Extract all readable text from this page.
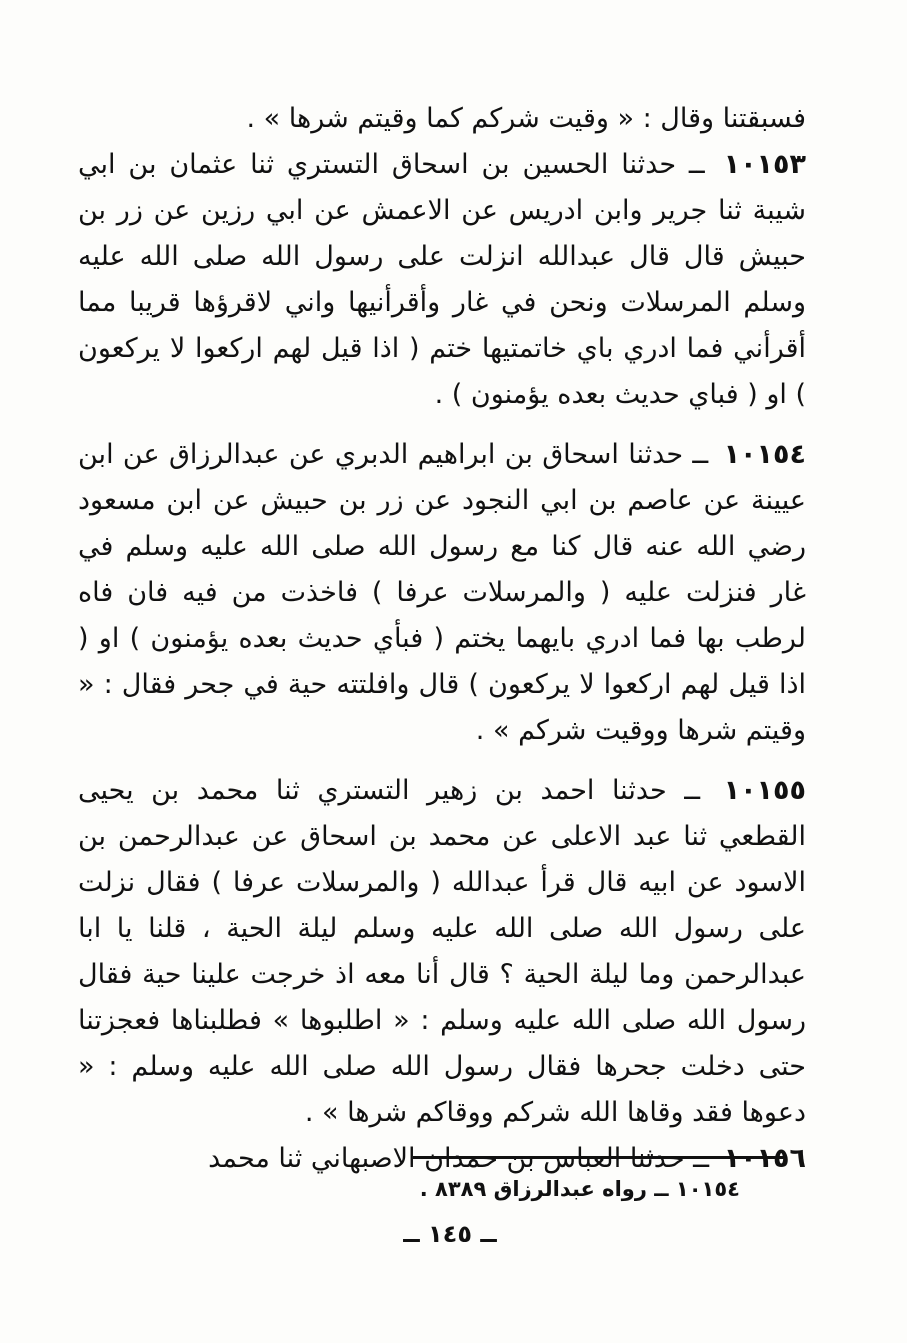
فسبقتنا وقال : « وقيت شركم كما وقيتم شرها » .

١٠١٥٣ ــ حدثنا الحسين بن اسحاق التستري ثنا عثمان بن ابي شيبة ثنا جرير وابن ادريس عن الاعمش عن ابي رزين عن زر بن حبيش قال قال عبدالله انزلت على رسول الله صلى الله عليه وسلم المرسلات ونحن في غار وأقرأنيها واني لاقرؤها قريبا مما أقرأني فما ادري باي خاتمتيها ختم ( اذا قيل لهم اركعوا لا يركعون ) او ( فباي حديث بعده يؤمنون ) .

١٠١٥٤ ــ حدثنا اسحاق بن ابراهيم الدبري عن عبدالرزاق عن ابن عيينة عن عاصم بن ابي النجود عن زر بن حبيش عن ابن مسعود رضي الله عنه قال كنا مع رسول الله صلى الله عليه وسلم في غار فنزلت عليه ( والمرسلات عرفا ) فاخذت من فيه فان فاه لرطب بها فما ادري بايهما يختم ( فبأي حديث بعده يؤمنون ) او ( اذا قيل لهم اركعوا لا يركعون ) قال وافلتته حية في جحر فقال : « وقيتم شرها ووقيت شركم » .

١٠١٥٥ ــ حدثنا احمد بن زهير التستري ثنا محمد بن يحيى القطعي ثنا عبد الاعلى عن محمد بن اسحاق عن عبدالرحمن بن الاسود عن ابيه قال قرأ عبدالله ( والمرسلات عرفا ) فقال نزلت على رسول الله صلى الله عليه وسلم ليلة الحية ، قلنا يا ابا عبدالرحمن وما ليلة الحية ؟ قال أنا معه اذ خرجت علينا حية فقال رسول الله صلى الله عليه وسلم : « اطلبوها » فطلبناها فعجزتنا حتى دخلت جحرها فقال رسول الله صلى الله عليه وسلم : « دعوها فقد وقاها الله شركم ووقاكم شرها » .

١٠١٥٦ ــ حدثنا العباس بن حمدان الاصبهاني ثنا محمد

١٠١٥٤ ــ رواه عبدالرزاق ٨٣٨٩ .
ــ ١٤٥ ــ
